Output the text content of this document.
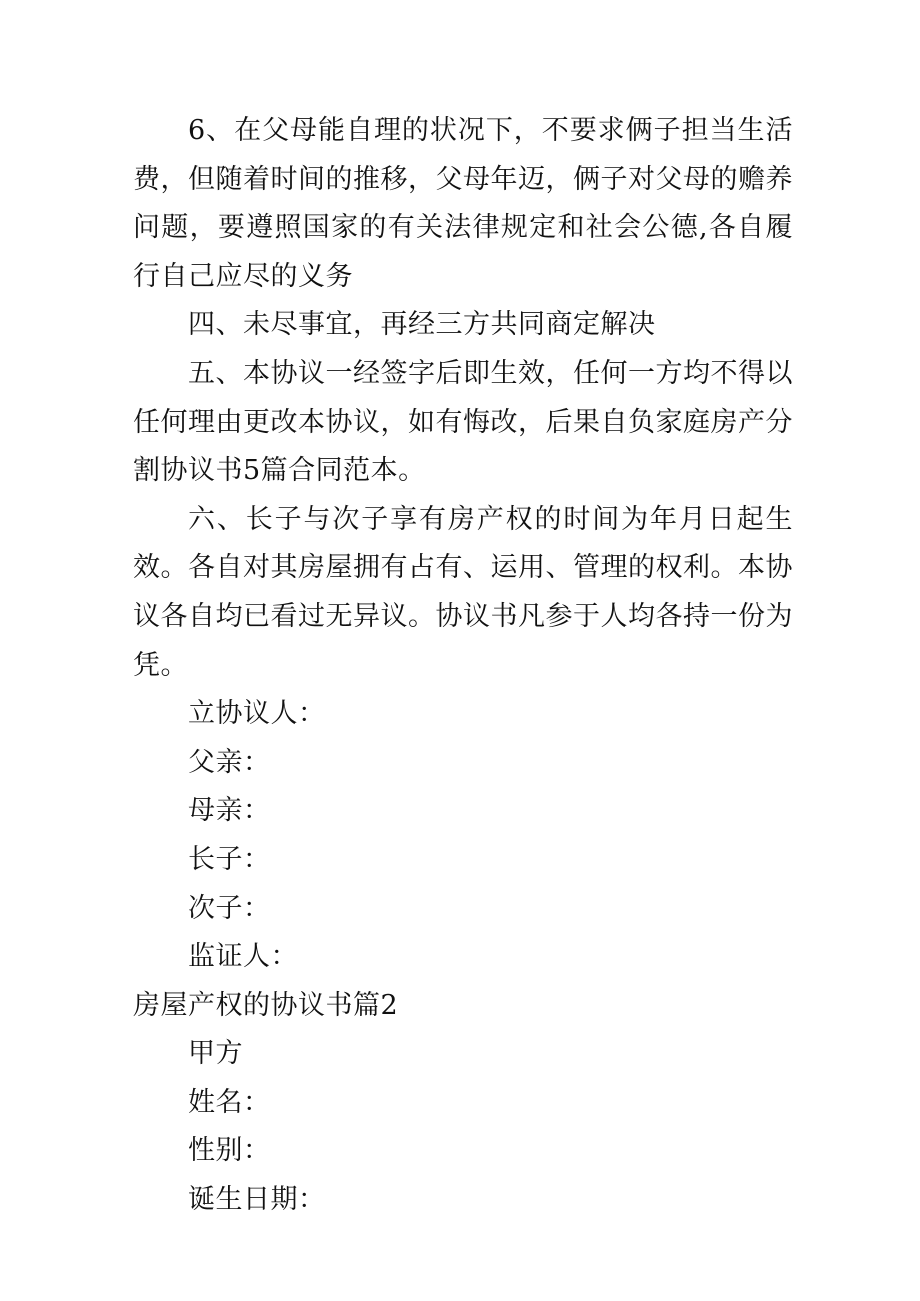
6、在父母能自理的状况下，不要求俩子担当生活费，但随着时间的推移，父母年迈，俩子对父母的赡养问题，要遵照国家的有关法律规定和社会公德,各自履行自己应尽的义务

四、未尽事宜，再经三方共同商定解决

五、本协议一经签字后即生效，任何一方均不得以任何理由更改本协议，如有悔改，后果自负家庭房产分割协议书5篇合同范本。

六、长子与次子享有房产权的时间为年月日起生效。各自对其房屋拥有占有、运用、管理的权利。本协议各自均已看过无异议。协议书凡参于人均各持一份为凭。

立协议人：

父亲：

母亲：

长子：

次子：

监证人：

房屋产权的协议书篇2

甲方

姓名：

性别：

诞生日期：
